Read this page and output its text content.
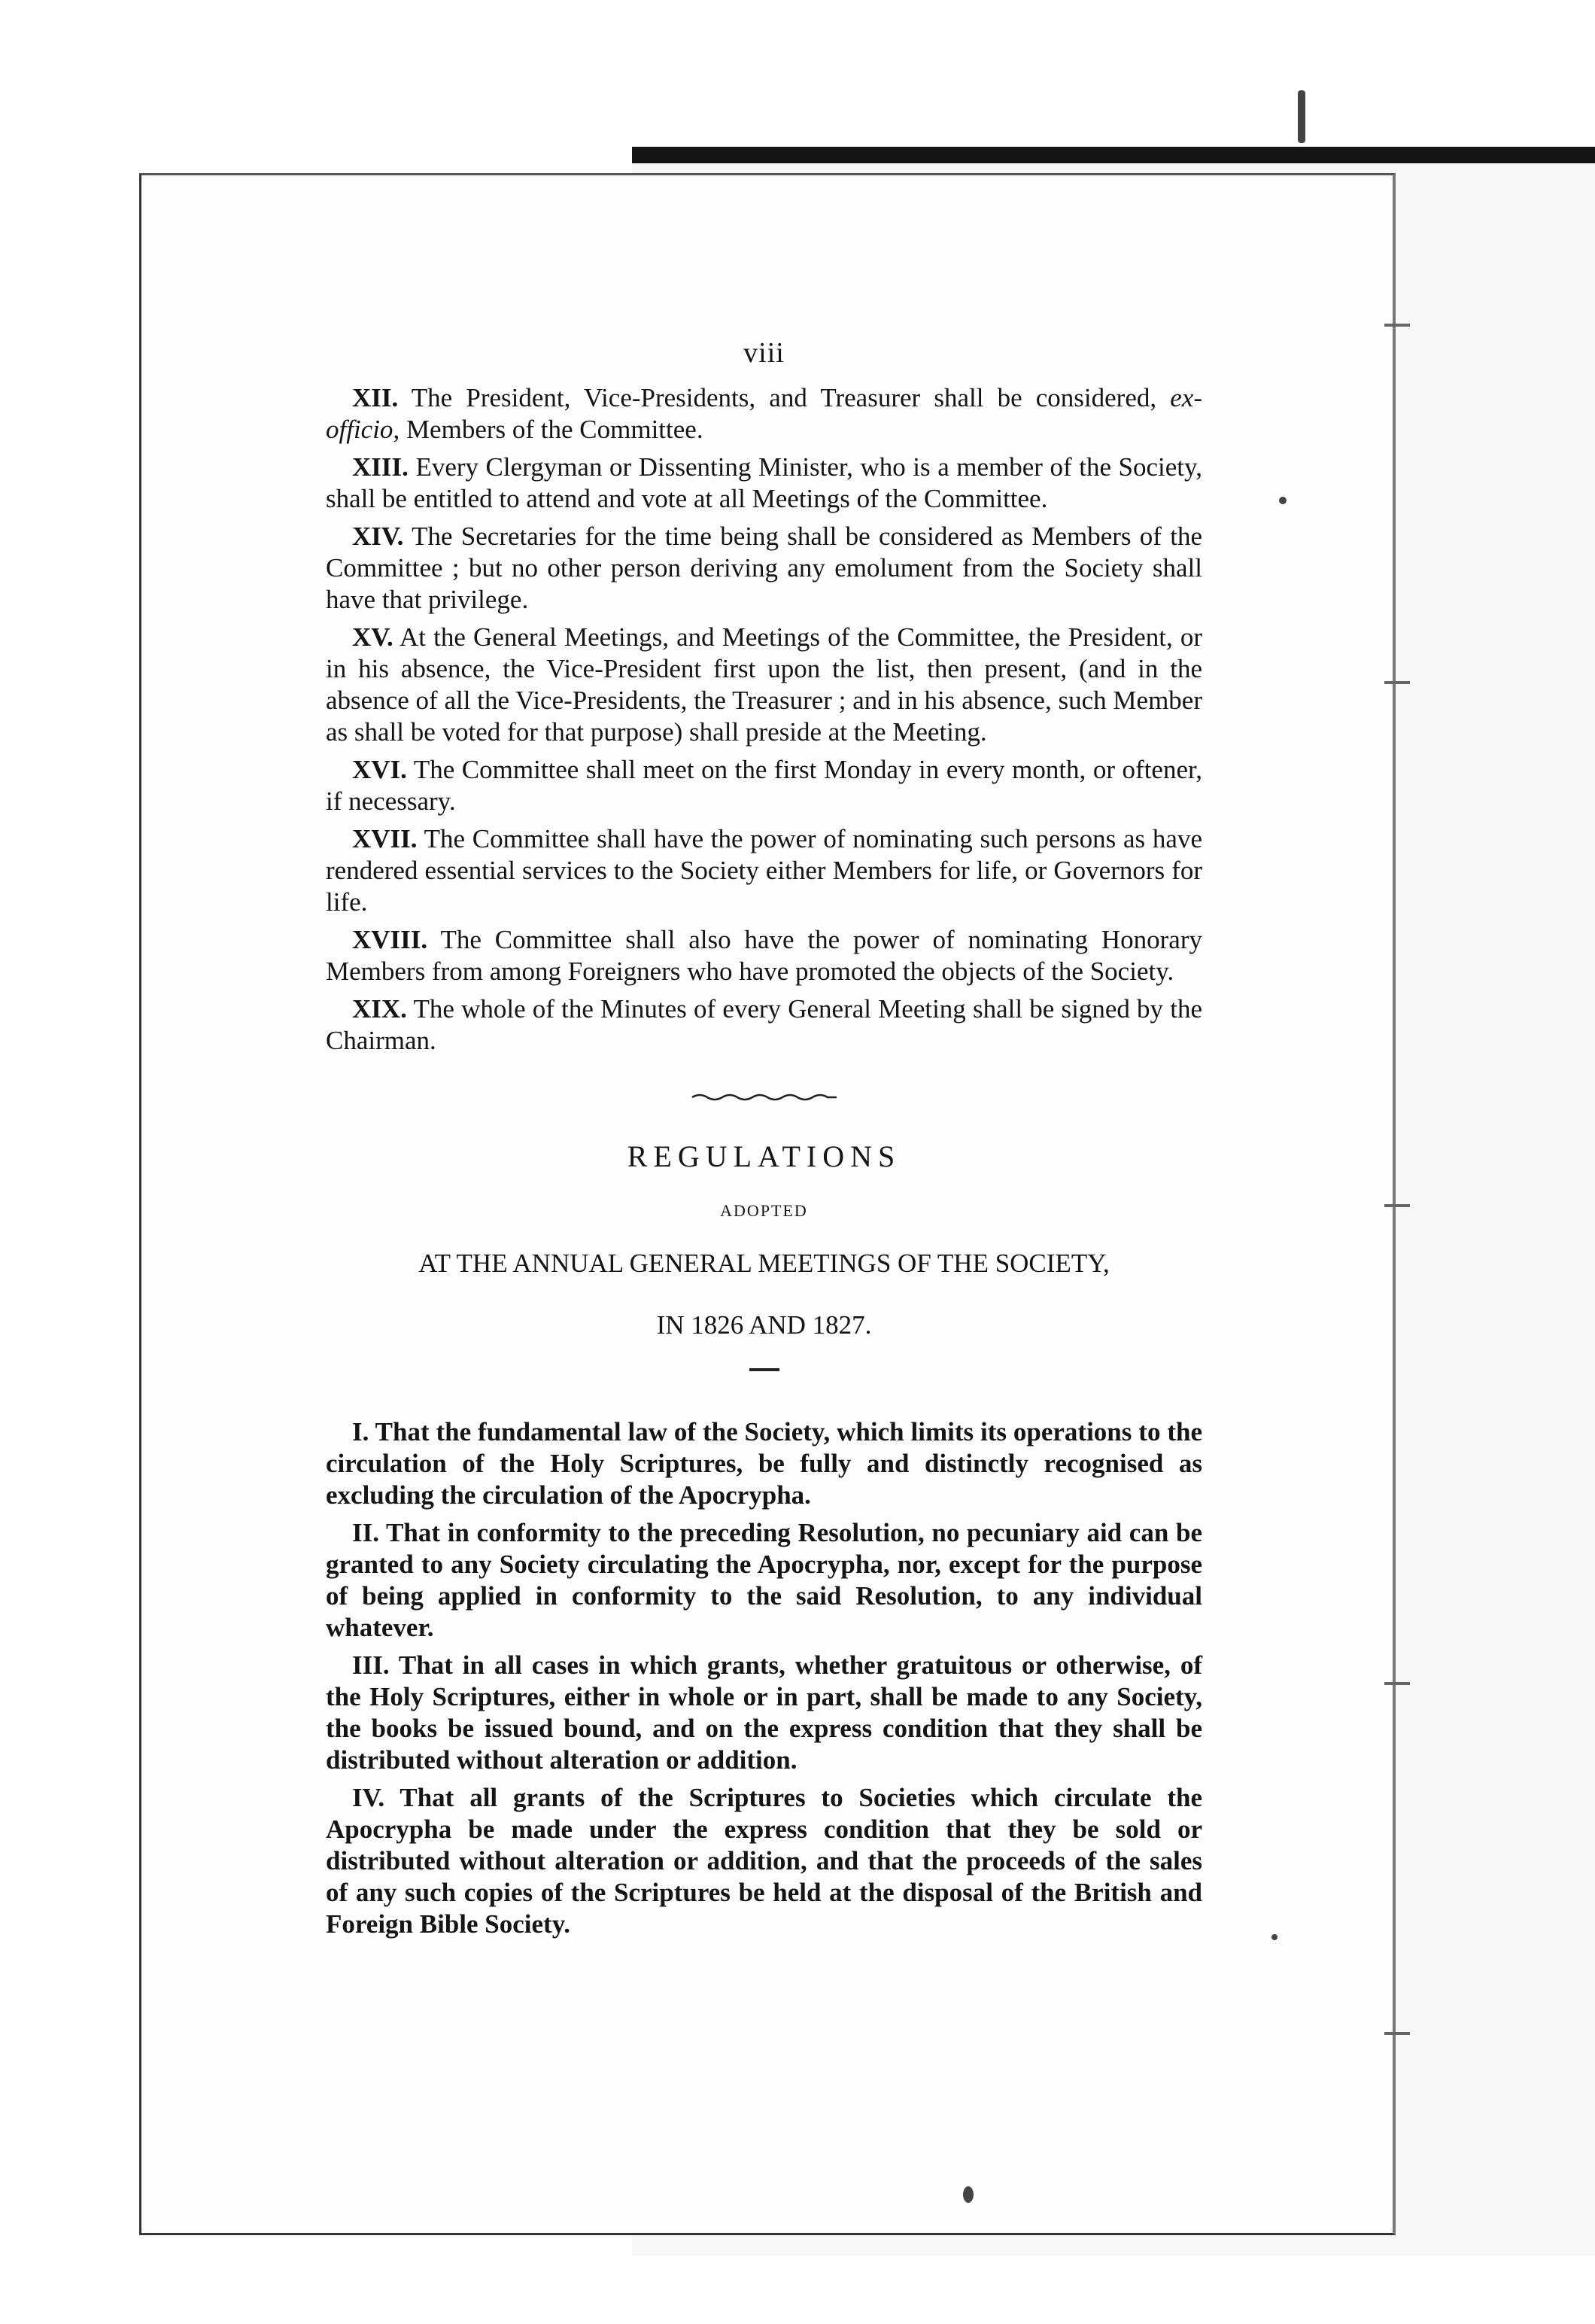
viii

XII. The President, Vice-Presidents, and Treasurer shall be considered, ex-officio, Members of the Committee.

XIII. Every Clergyman or Dissenting Minister, who is a member of the Society, shall be entitled to attend and vote at all Meetings of the Committee.

XIV. The Secretaries for the time being shall be considered as Members of the Committee ; but no other person deriving any emolument from the Society shall have that privilege.

XV. At the General Meetings, and Meetings of the Committee, the President, or in his absence, the Vice-President first upon the list, then present, (and in the absence of all the Vice-Presidents, the Treasurer ; and in his absence, such Member as shall be voted for that purpose) shall preside at the Meeting.

XVI. The Committee shall meet on the first Monday in every month, or oftener, if necessary.

XVII. The Committee shall have the power of nominating such persons as have rendered essential services to the Society either Members for life, or Governors for life.

XVIII. The Committee shall also have the power of nominating Honorary Members from among Foreigners who have promoted the objects of the Society.

XIX. The whole of the Minutes of every General Meeting shall be signed by the Chairman.

REGULATIONS
ADOPTED
AT THE ANNUAL GENERAL MEETINGS OF THE SOCIETY,
IN 1826 AND 1827.

I. That the fundamental law of the Society, which limits its operations to the circulation of the Holy Scriptures, be fully and distinctly recognised as excluding the circulation of the Apocrypha.

II. That in conformity to the preceding Resolution, no pecuniary aid can be granted to any Society circulating the Apocrypha, nor, except for the purpose of being applied in conformity to the said Resolution, to any individual whatever.

III. That in all cases in which grants, whether gratuitous or otherwise, of the Holy Scriptures, either in whole or in part, shall be made to any Society, the books be issued bound, and on the express condition that they shall be distributed without alteration or addition.

IV. That all grants of the Scriptures to Societies which circulate the Apocrypha be made under the express condition that they be sold or distributed without alteration or addition, and that the proceeds of the sales of any such copies of the Scriptures be held at the disposal of the British and Foreign Bible Society.
